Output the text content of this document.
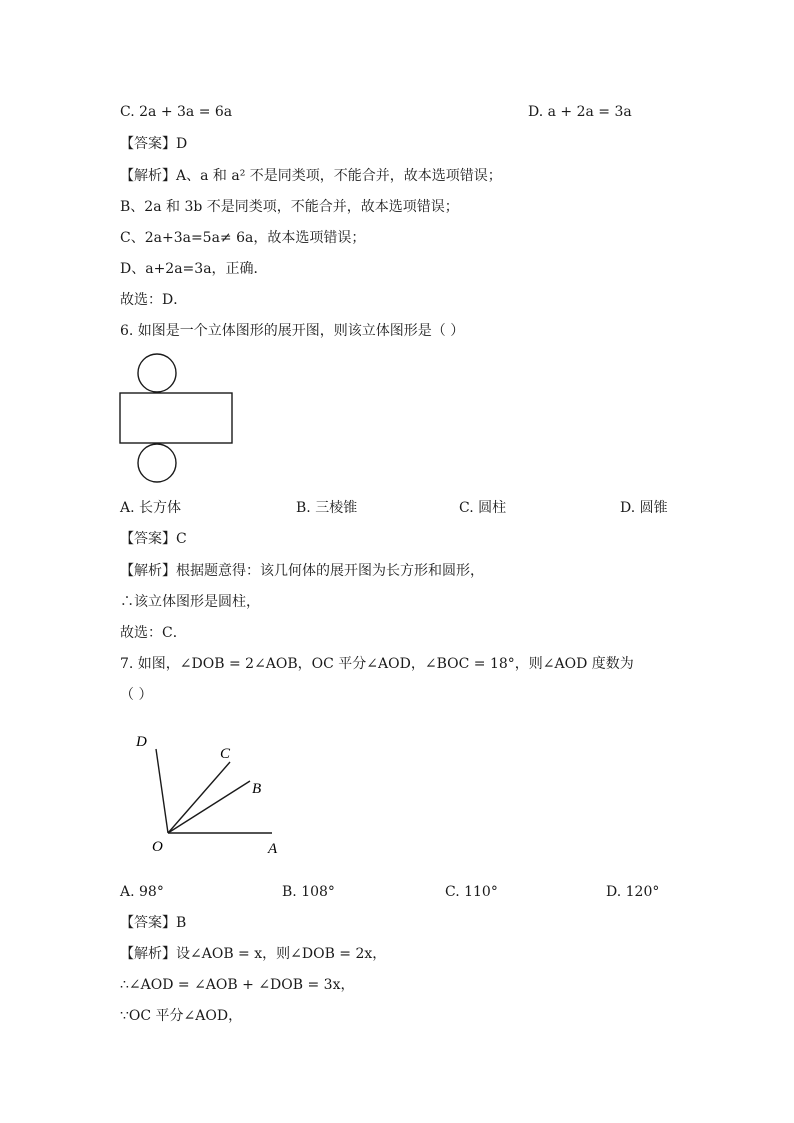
C. 2a + 3a = 6a	D. a + 2a = 3a
【答案】D
【解析】A、a 和 a² 不是同类项，不能合并，故本选项错误；
B、2a 和 3b 不是同类项，不能合并，故本选项错误；
C、2a+3a=5a≠ 6a，故本选项错误；
D、a+2a=3a，正确．
故选：D．
6. 如图是一个立体图形的展开图，则该立体图形是（ ）
A. 长方体	B. 三棱锥	C. 圆柱	D. 圆锥
【答案】C
【解析】根据题意得：该几何体的展开图为长方形和圆形，
∴该立体图形是圆柱，
故选：C．
7. 如图，∠DOB = 2∠AOB，OC 平分∠AOD，∠BOC = 18°，则∠AOD 度数为
（ ）
D
C
B
O	A
A. 98°	B. 108°	C. 110°	D. 120°
【答案】B
【解析】设∠AOB = x，则∠DOB = 2x，
∴∠AOD = ∠AOB + ∠DOB = 3x，
∵OC 平分∠AOD，
